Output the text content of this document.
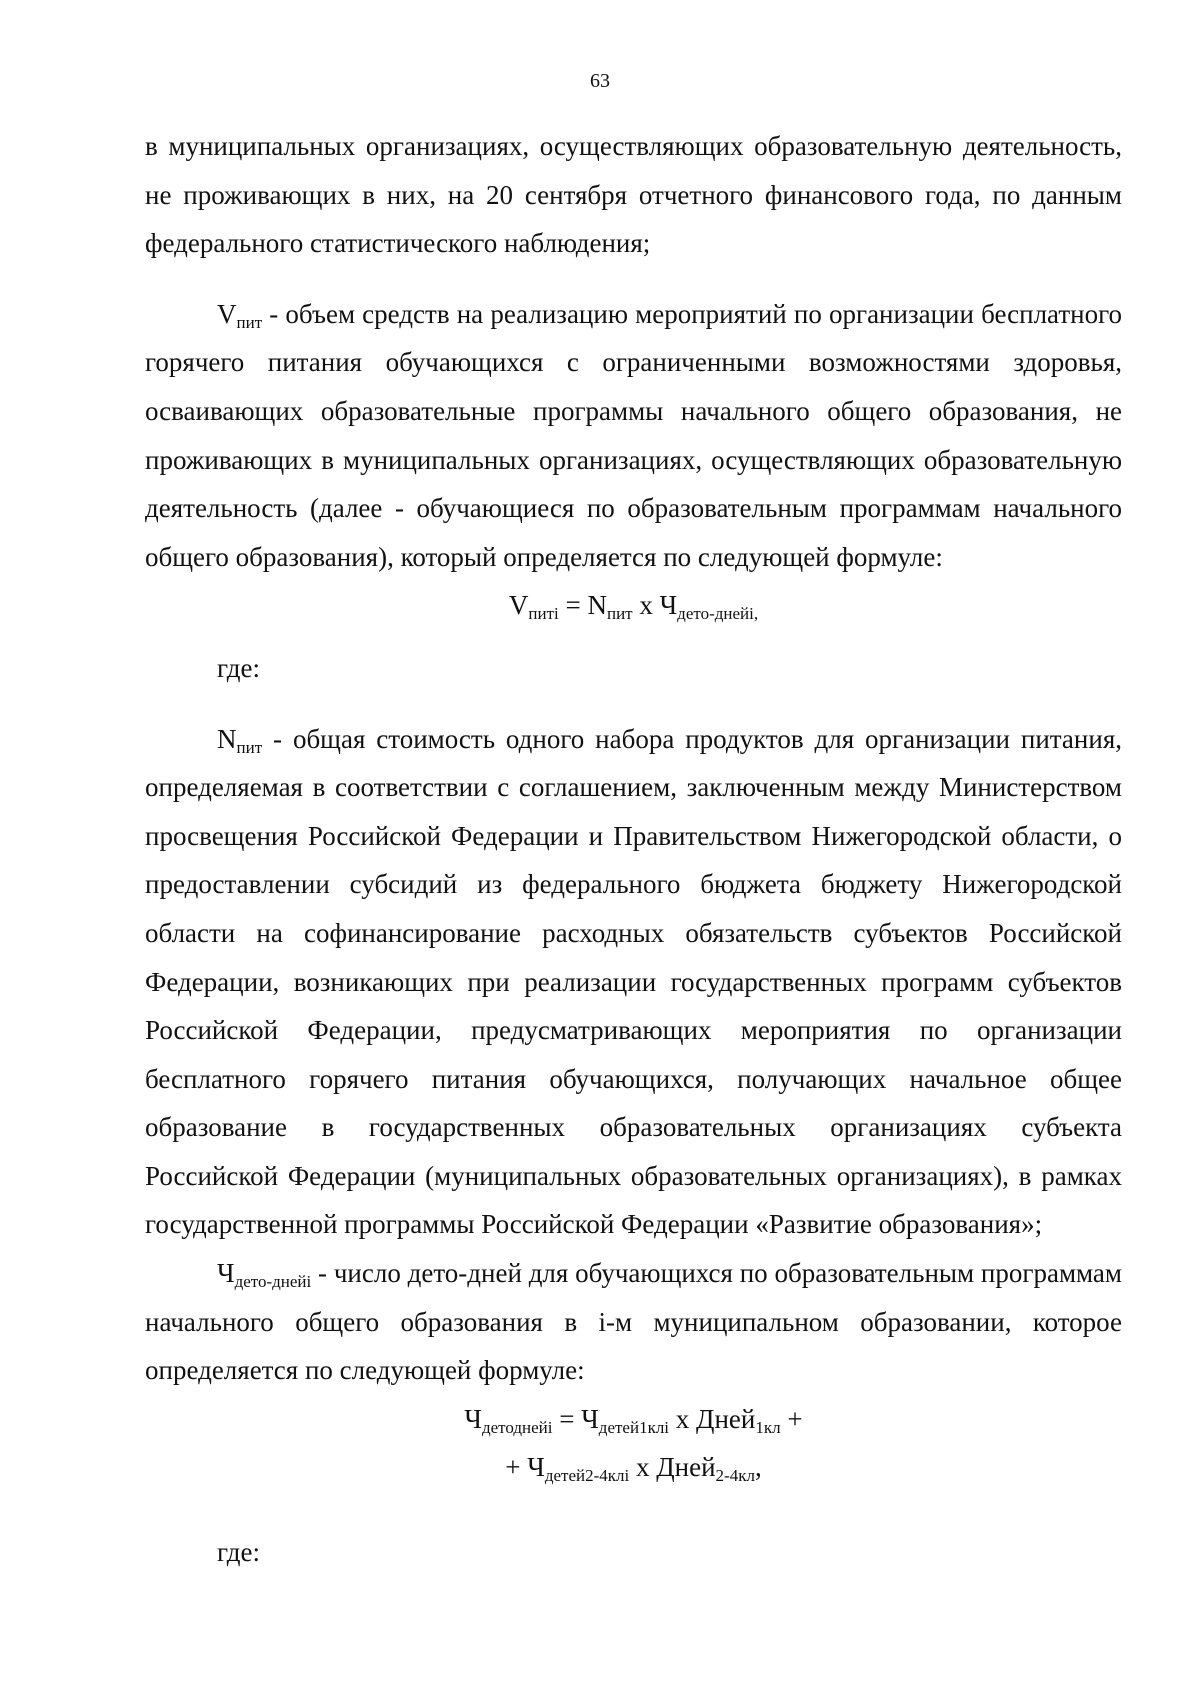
63

в муниципальных организациях, осуществляющих образовательную деятельность, не проживающих в них, на 20 сентября отчетного финансового года, по данным федерального статистического наблюдения;

$V_{пит}$ - объем средств на реализацию мероприятий по организации бесплатного горячего питания обучающихся с ограниченными возможностями здоровья, осваивающих образовательные программы начального общего образования, не проживающих в муниципальных организациях, осуществляющих образовательную деятельность (далее - обучающиеся по образовательным программам начального общего образования), который определяется по следующей формуле:

$V_{питi} = N_{пит}$ x $Ч_{дето-днейi,}$

где:

$N_{пит}$ - общая стоимость одного набора продуктов для организации питания, определяемая в соответствии с соглашением, заключенным между Министерством просвещения Российской Федерации и Правительством Нижегородской области, о предоставлении субсидий из федерального бюджета бюджету Нижегородской области на софинансирование расходных обязательств субъектов Российской Федерации, возникающих при реализации государственных программ субъектов Российской Федерации, предусматривающих мероприятия по организации бесплатного горячего питания обучающихся, получающих начальное общее образование в государственных образовательных организациях субъекта Российской Федерации (муниципальных образовательных организациях), в рамках государственной программы Российской Федерации «Развитие образования»;

$Ч_{дето-днейi}$ - число дето-дней для обучающихся по образовательным программам начального общего образования в i-м муниципальном образовании, которое определяется по следующей формуле:

$Ч_{детоднейi} = Ч_{детей1клi}$ x Дней$_{1кл}$ +

+ $Ч_{детей2-4клi}$ x Дней$_{2-4кл}$,

где:
